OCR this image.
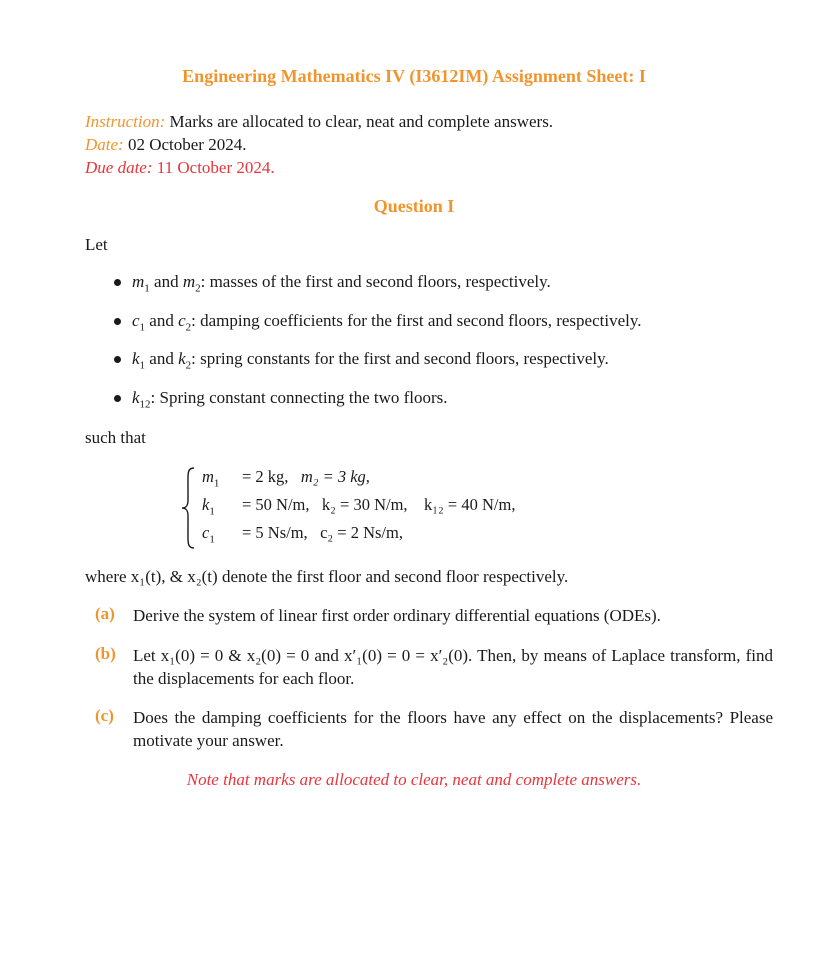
Engineering Mathematics IV (I3612IM) Assignment Sheet: I
Instruction: Marks are allocated to clear, neat and complete answers.
Date: 02 October 2024.
Due date: 11 October 2024.
Question I
Let
$m_1$ and $m_2$: masses of the first and second floors, respectively.
$c_1$ and $c_2$: damping coefficients for the first and second floors, respectively.
$k_1$ and $k_2$: spring constants for the first and second floors, respectively.
$k_{12}$: Spring constant connecting the two floors.
such that
$m_1 = 2$ kg, m₂ = 3 kg,
$k_1 = 50$ N/m, k₂ = 30 N/m, k₁₂ = 40 N/m,
$c_1 = 5$ Ns/m, c₂ = 2 Ns/m,
where x₁(t), & x₂(t) denote the first floor and second floor respectively.
(a) Derive the system of linear first order ordinary differential equations (ODEs).
(b) Let x₁(0) = 0 & x₂(0) = 0 and x′₁(0) = 0 = x′₂(0). Then, by means of Laplace transform, find the displacements for each floor.
(c) Does the damping coefficients for the floors have any effect on the displacements? Please motivate your answer.
Note that marks are allocated to clear, neat and complete answers.
